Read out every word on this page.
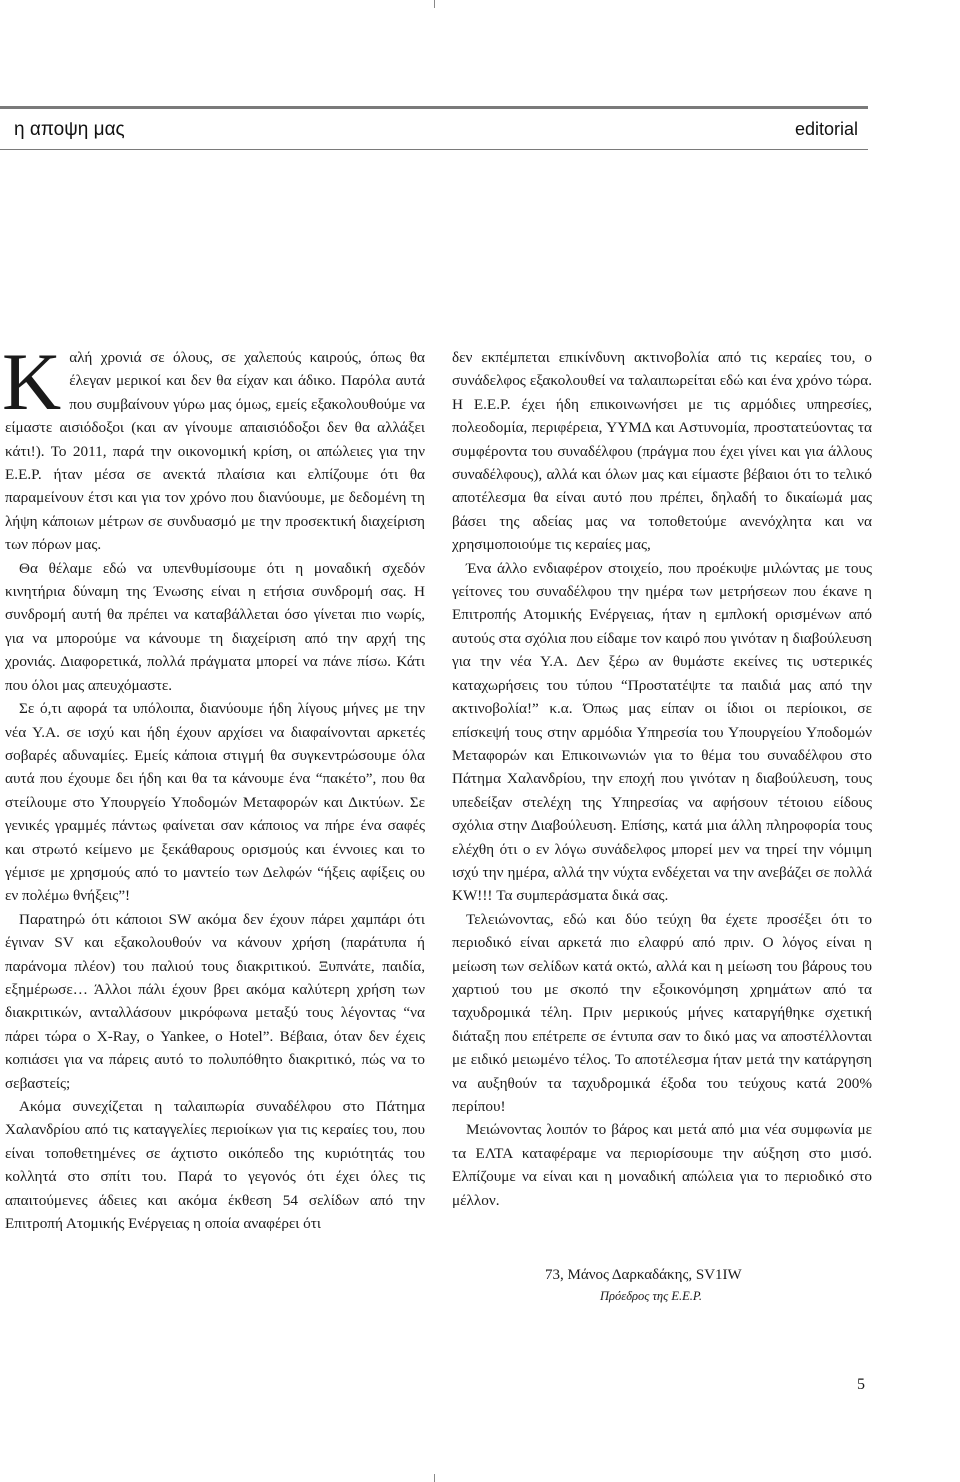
η αποψη μας	editorial

Καλή χρονιά σε όλους, σε χαλεπούς καιρούς, όπως θα έλεγαν μερικοί και δεν θα είχαν και άδικο. Παρόλα αυτά που συμβαίνουν γύρω μας όμως, εμείς εξακολουθούμε να είμαστε αισιόδοξοι (και αν γίνουμε απαισιόδοξοι δεν θα αλλάξει κάτι!). Το 2011, παρά την οικονομική κρίση, οι απώλειες για την Ε.Ε.Ρ. ήταν μέσα σε ανεκτά πλαίσια και ελπίζουμε ότι θα παραμείνουν έτσι και για τον χρόνο που διανύουμε, με δεδομένη τη λήψη κάποιων μέτρων σε συνδυασμό με την προσεκτική διαχείριση των πόρων μας.

Θα θέλαμε εδώ να υπενθυμίσουμε ότι η μοναδική σχεδόν κινητήρια δύναμη της Ένωσης είναι η ετήσια συνδρομή σας. Η συνδρομή αυτή θα πρέπει να καταβάλλεται όσο γίνεται πιο νωρίς, για να μπορούμε να κάνουμε τη διαχείριση από την αρχή της χρονιάς. Διαφορετικά, πολλά πράγματα μπορεί να πάνε πίσω. Κάτι που όλοι μας απευχόμαστε.

Σε ό,τι αφορά τα υπόλοιπα, διανύουμε ήδη λίγους μήνες με την νέα Υ.Α. σε ισχύ και ήδη έχουν αρχίσει να διαφαίνονται αρκετές σοβαρές αδυναμίες. Εμείς κάποια στιγμή θα συγκεντρώσουμε όλα αυτά που έχουμε δει ήδη και θα τα κάνουμε ένα “πακέτο”, που θα στείλουμε στο Υπουργείο Υποδομών Μεταφορών και Δικτύων. Σε γενικές γραμμές πάντως φαίνεται σαν κάποιος να πήρε ένα σαφές και στρωτό κείμενο με ξεκάθαρους ορισμούς και έννοιες και το γέμισε με χρησμούς από το μαντείο των Δελφών “ήξεις αφίξεις ου εν πολέμω θνήξεις”!

Παρατηρώ ότι κάποιοι SW ακόμα δεν έχουν πάρει χαμπάρι ότι έγιναν SV και εξακολουθούν να κάνουν χρήση (παράτυπα ή παράνομα πλέον) του παλιού τους διακριτικού. Ξυπνάτε, παιδία, εξημέρωσε… Άλλοι πάλι έχουν βρει ακόμα καλύτερη χρήση των διακριτικών, ανταλλάσουν μικρόφωνα μεταξύ τους λέγοντας “να πάρει τώρα ο X-Ray, ο Yankee, ο Hotel”. Βέβαια, όταν δεν έχεις κοπιάσει για να πάρεις αυτό το πολυπόθητο διακριτικό, πώς να το σεβαστείς;

Ακόμα συνεχίζεται η ταλαιπωρία συναδέλφου στο Πάτημα Χαλανδρίου από τις καταγγελίες περιοίκων για τις κεραίες του, που είναι τοποθετημένες σε άχτιστο οικόπεδο της κυριότητάς του κολλητά στο σπίτι του. Παρά το γεγονός ότι έχει όλες τις απαιτούμενες άδειες και ακόμα έκθεση 54 σελίδων από την Επιτροπή Ατομικής Ενέργειας η οποία αναφέρει ότι

δεν εκπέμπεται επικίνδυνη ακτινοβολία από τις κεραίες του, ο συνάδελφος εξακολουθεί να ταλαιπωρείται εδώ και ένα χρόνο τώρα. Η Ε.Ε.Ρ. έχει ήδη επικοινωνήσει με τις αρμόδιες υπηρεσίες, πολεοδομία, περιφέρεια, ΥΥΜΔ και Αστυνομία, προστατεύοντας τα συμφέροντα του συναδέλφου (πράγμα που έχει γίνει και για άλλους συναδέλφους), αλλά και όλων μας και είμαστε βέβαιοι ότι το τελικό αποτέλεσμα θα είναι αυτό που πρέπει, δηλαδή το δικαίωμά μας βάσει της αδείας μας να τοποθετούμε ανενόχλητα και να χρησιμοποιούμε τις κεραίες μας,

Ένα άλλο ενδιαφέρον στοιχείο, που προέκυψε μιλώντας με τους γείτονες του συναδέλφου την ημέρα των μετρήσεων που έκανε η Επιτροπής Ατομικής Ενέργειας, ήταν η εμπλοκή ορισμένων από αυτούς στα σχόλια που είδαμε τον καιρό που γινόταν η διαβούλευση για την νέα Υ.Α. Δεν ξέρω αν θυμάστε εκείνες τις υστερικές καταχωρήσεις του τύπου “Προστατέψτε τα παιδιά μας από την ακτινοβολία!” κ.α. Όπως μας είπαν οι ίδιοι οι περίοικοι, σε επίσκεψή τους στην αρμόδια Υπηρεσία του Υπουργείου Υποδομών Μεταφορών και Επικοινωνιών για το θέμα του συναδέλφου στο Πάτημα Χαλανδρίου, την εποχή που γινόταν η διαβούλευση, τους υπεδείξαν στελέχη της Υπηρεσίας να αφήσουν τέτοιου είδους σχόλια στην Διαβούλευση. Επίσης, κατά μια άλλη πληροφορία τους ελέχθη ότι ο εν λόγω συνάδελφος μπορεί μεν να τηρεί την νόμιμη ισχύ την ημέρα, αλλά την νύχτα ενδέχεται να την ανεβάζει σε πολλά KW!!! Τα συμπεράσματα δικά σας.

Τελειώνοντας, εδώ και δύο τεύχη θα έχετε προσέξει ότι το περιοδικό είναι αρκετά πιο ελαφρύ από πριν. Ο λόγος είναι η μείωση των σελίδων κατά οκτώ, αλλά και η μείωση του βάρους του χαρτιού του με σκοπό την εξοικονόμηση χρημάτων από τα ταχυδρομικά τέλη. Πριν μερικούς μήνες καταργήθηκε σχετική διάταξη που επέτρεπε σε έντυπα σαν το δικό μας να αποστέλλονται με ειδικό μειωμένο τέλος. Το αποτέλεσμα ήταν μετά την κατάργηση να αυξηθούν τα ταχυδρομικά έξοδα του τεύχους κατά 200% περίπου!

Μειώνοντας λοιπόν το βάρος και μετά από μια νέα συμφωνία με τα ΕΛΤΑ καταφέραμε να περιορίσουμε την αύξηση στο μισό. Ελπίζουμε να είναι και η μοναδική απώλεια για το περιοδικό στο μέλλον.

73, Μάνος Δαρκαδάκης, SV1IW
Πρόεδρος της Ε.Ε.Ρ.
5
